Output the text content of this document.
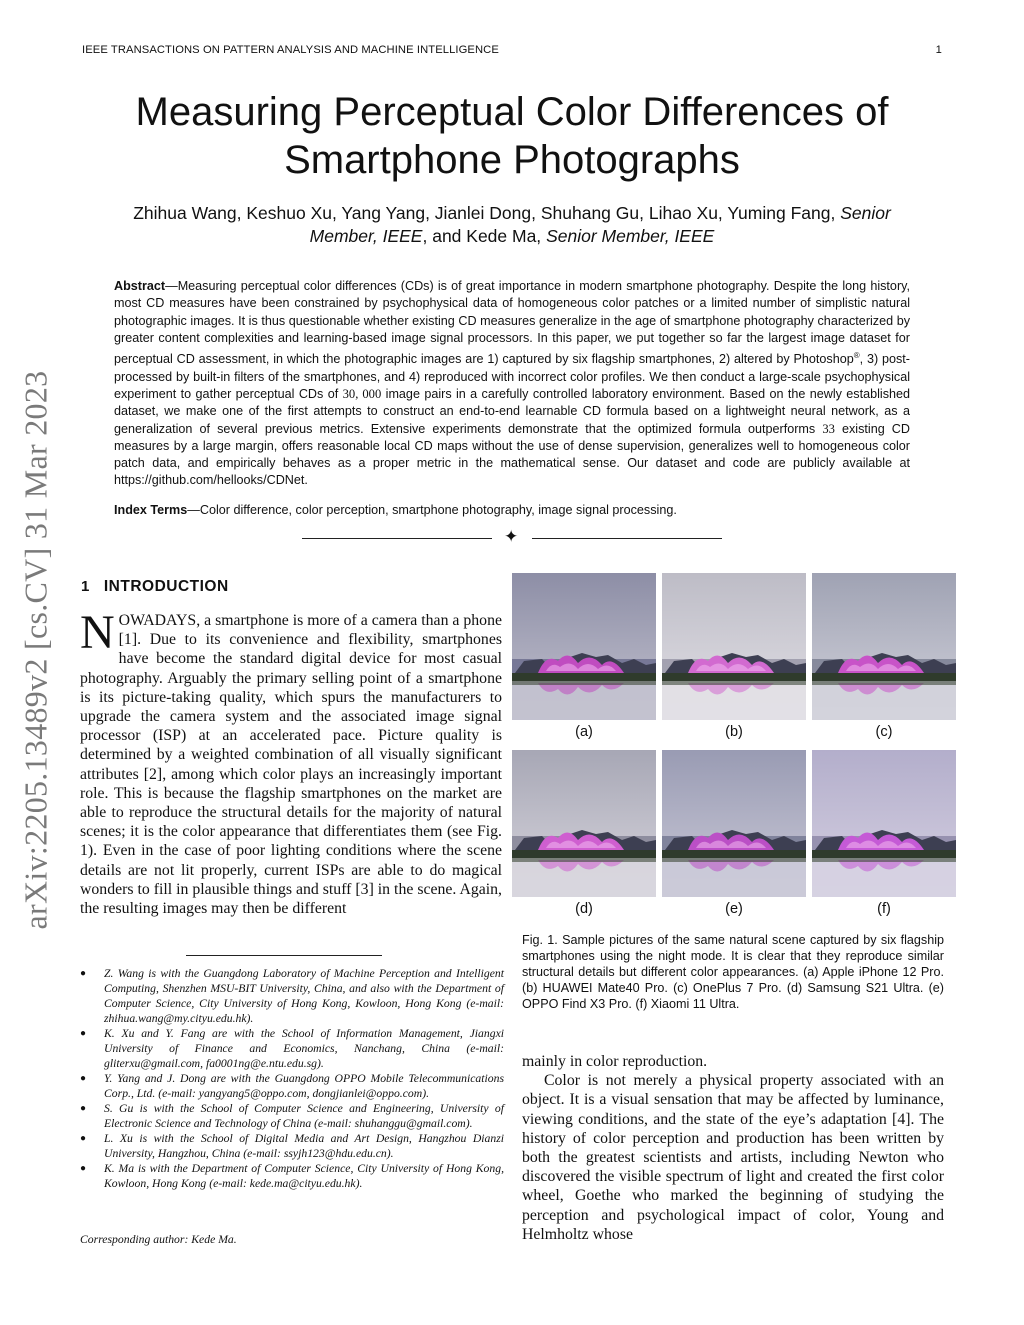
IEEE TRANSACTIONS ON PATTERN ANALYSIS AND MACHINE INTELLIGENCE	1
arXiv:2205.13489v2 [cs.CV] 31 Mar 2023
Measuring Perceptual Color Differences of Smartphone Photographs
Zhihua Wang, Keshuo Xu, Yang Yang, Jianlei Dong, Shuhang Gu, Lihao Xu, Yuming Fang, Senior Member, IEEE, and Kede Ma, Senior Member, IEEE
Abstract—Measuring perceptual color differences (CDs) is of great importance in modern smartphone photography. Despite the long history, most CD measures have been constrained by psychophysical data of homogeneous color patches or a limited number of simplistic natural photographic images. It is thus questionable whether existing CD measures generalize in the age of smartphone photography characterized by greater content complexities and learning-based image signal processors. In this paper, we put together so far the largest image dataset for perceptual CD assessment, in which the photographic images are 1) captured by six flagship smartphones, 2) altered by Photoshop®, 3) post-processed by built-in filters of the smartphones, and 4) reproduced with incorrect color profiles. We then conduct a large-scale psychophysical experiment to gather perceptual CDs of 30, 000 image pairs in a carefully controlled laboratory environment. Based on the newly established dataset, we make one of the first attempts to construct an end-to-end learnable CD formula based on a lightweight neural network, as a generalization of several previous metrics. Extensive experiments demonstrate that the optimized formula outperforms 33 existing CD measures by a large margin, offers reasonable local CD maps without the use of dense supervision, generalizes well to homogeneous color patch data, and empirically behaves as a proper metric in the mathematical sense. Our dataset and code are publicly available at https://github.com/hellooks/CDNet.
Index Terms—Color difference, color perception, smartphone photography, image signal processing.
✦
1 INTRODUCTION
NOWADAYS, a smartphone is more of a camera than a phone [1]. Due to its convenience and flexibility, smartphones have become the standard digital device for most casual photography. Arguably the primary selling point of a smartphone is its picture-taking quality, which spurs the manufacturers to upgrade the camera system and the associated image signal processor (ISP) at an accelerated pace. Picture quality is determined by a weighted combination of all visually significant attributes [2], among which color plays an increasingly important role. This is because the flagship smartphones on the market are able to reproduce the structural details for the majority of natural scenes; it is the color appearance that differentiates them (see Fig. 1). Even in the case of poor lighting conditions where the scene details are not lit properly, current ISPs are able to do magical wonders to fill in plausible things and stuff [3] in the scene. Again, the resulting images may then be different
● Z. Wang is with the Guangdong Laboratory of Machine Perception and Intelligent Computing, Shenzhen MSU-BIT University, China, and also with the Department of Computer Science, City University of Hong Kong, Kowloon, Hong Kong (e-mail: zhihua.wang@my.cityu.edu.hk).
● K. Xu and Y. Fang are with the School of Information Management, Jiangxi University of Finance and Economics, Nanchang, China (e-mail: gliterxu@gmail.com, fa0001ng@e.ntu.edu.sg).
● Y. Yang and J. Dong are with the Guangdong OPPO Mobile Telecommunications Corp., Ltd. (e-mail: yangyang5@oppo.com, dongjianlei@oppo.com).
● S. Gu is with the School of Computer Science and Engineering, University of Electronic Science and Technology of China (e-mail: shuhanggu@gmail.com).
● L. Xu is with the School of Digital Media and Art Design, Hangzhou Dianzi University, Hangzhou, China (e-mail: ssyjh123@hdu.edu.cn).
● K. Ma is with the Department of Computer Science, City University of Hong Kong, Kowloon, Hong Kong (e-mail: kede.ma@cityu.edu.hk).
Corresponding author: Kede Ma.
(a)	(b)	(c)
(d)	(e)	(f)
Fig. 1. Sample pictures of the same natural scene captured by six flagship smartphones using the night mode. It is clear that they reproduce similar structural details but different color appearances. (a) Apple iPhone 12 Pro. (b) HUAWEI Mate40 Pro. (c) OnePlus 7 Pro. (d) Samsung S21 Ultra. (e) OPPO Find X3 Pro. (f) Xiaomi 11 Ultra.

mainly in color reproduction.

Color is not merely a physical property associated with an object. It is a visual sensation that may be affected by luminance, viewing conditions, and the state of the eye’s adaptation [4]. The history of color perception and production has been written by both the greatest scientists and artists, including Newton who discovered the visible spectrum of light and created the first color wheel, Goethe who marked the beginning of studying the perception and psychological impact of color, Young and Helmholtz whose
